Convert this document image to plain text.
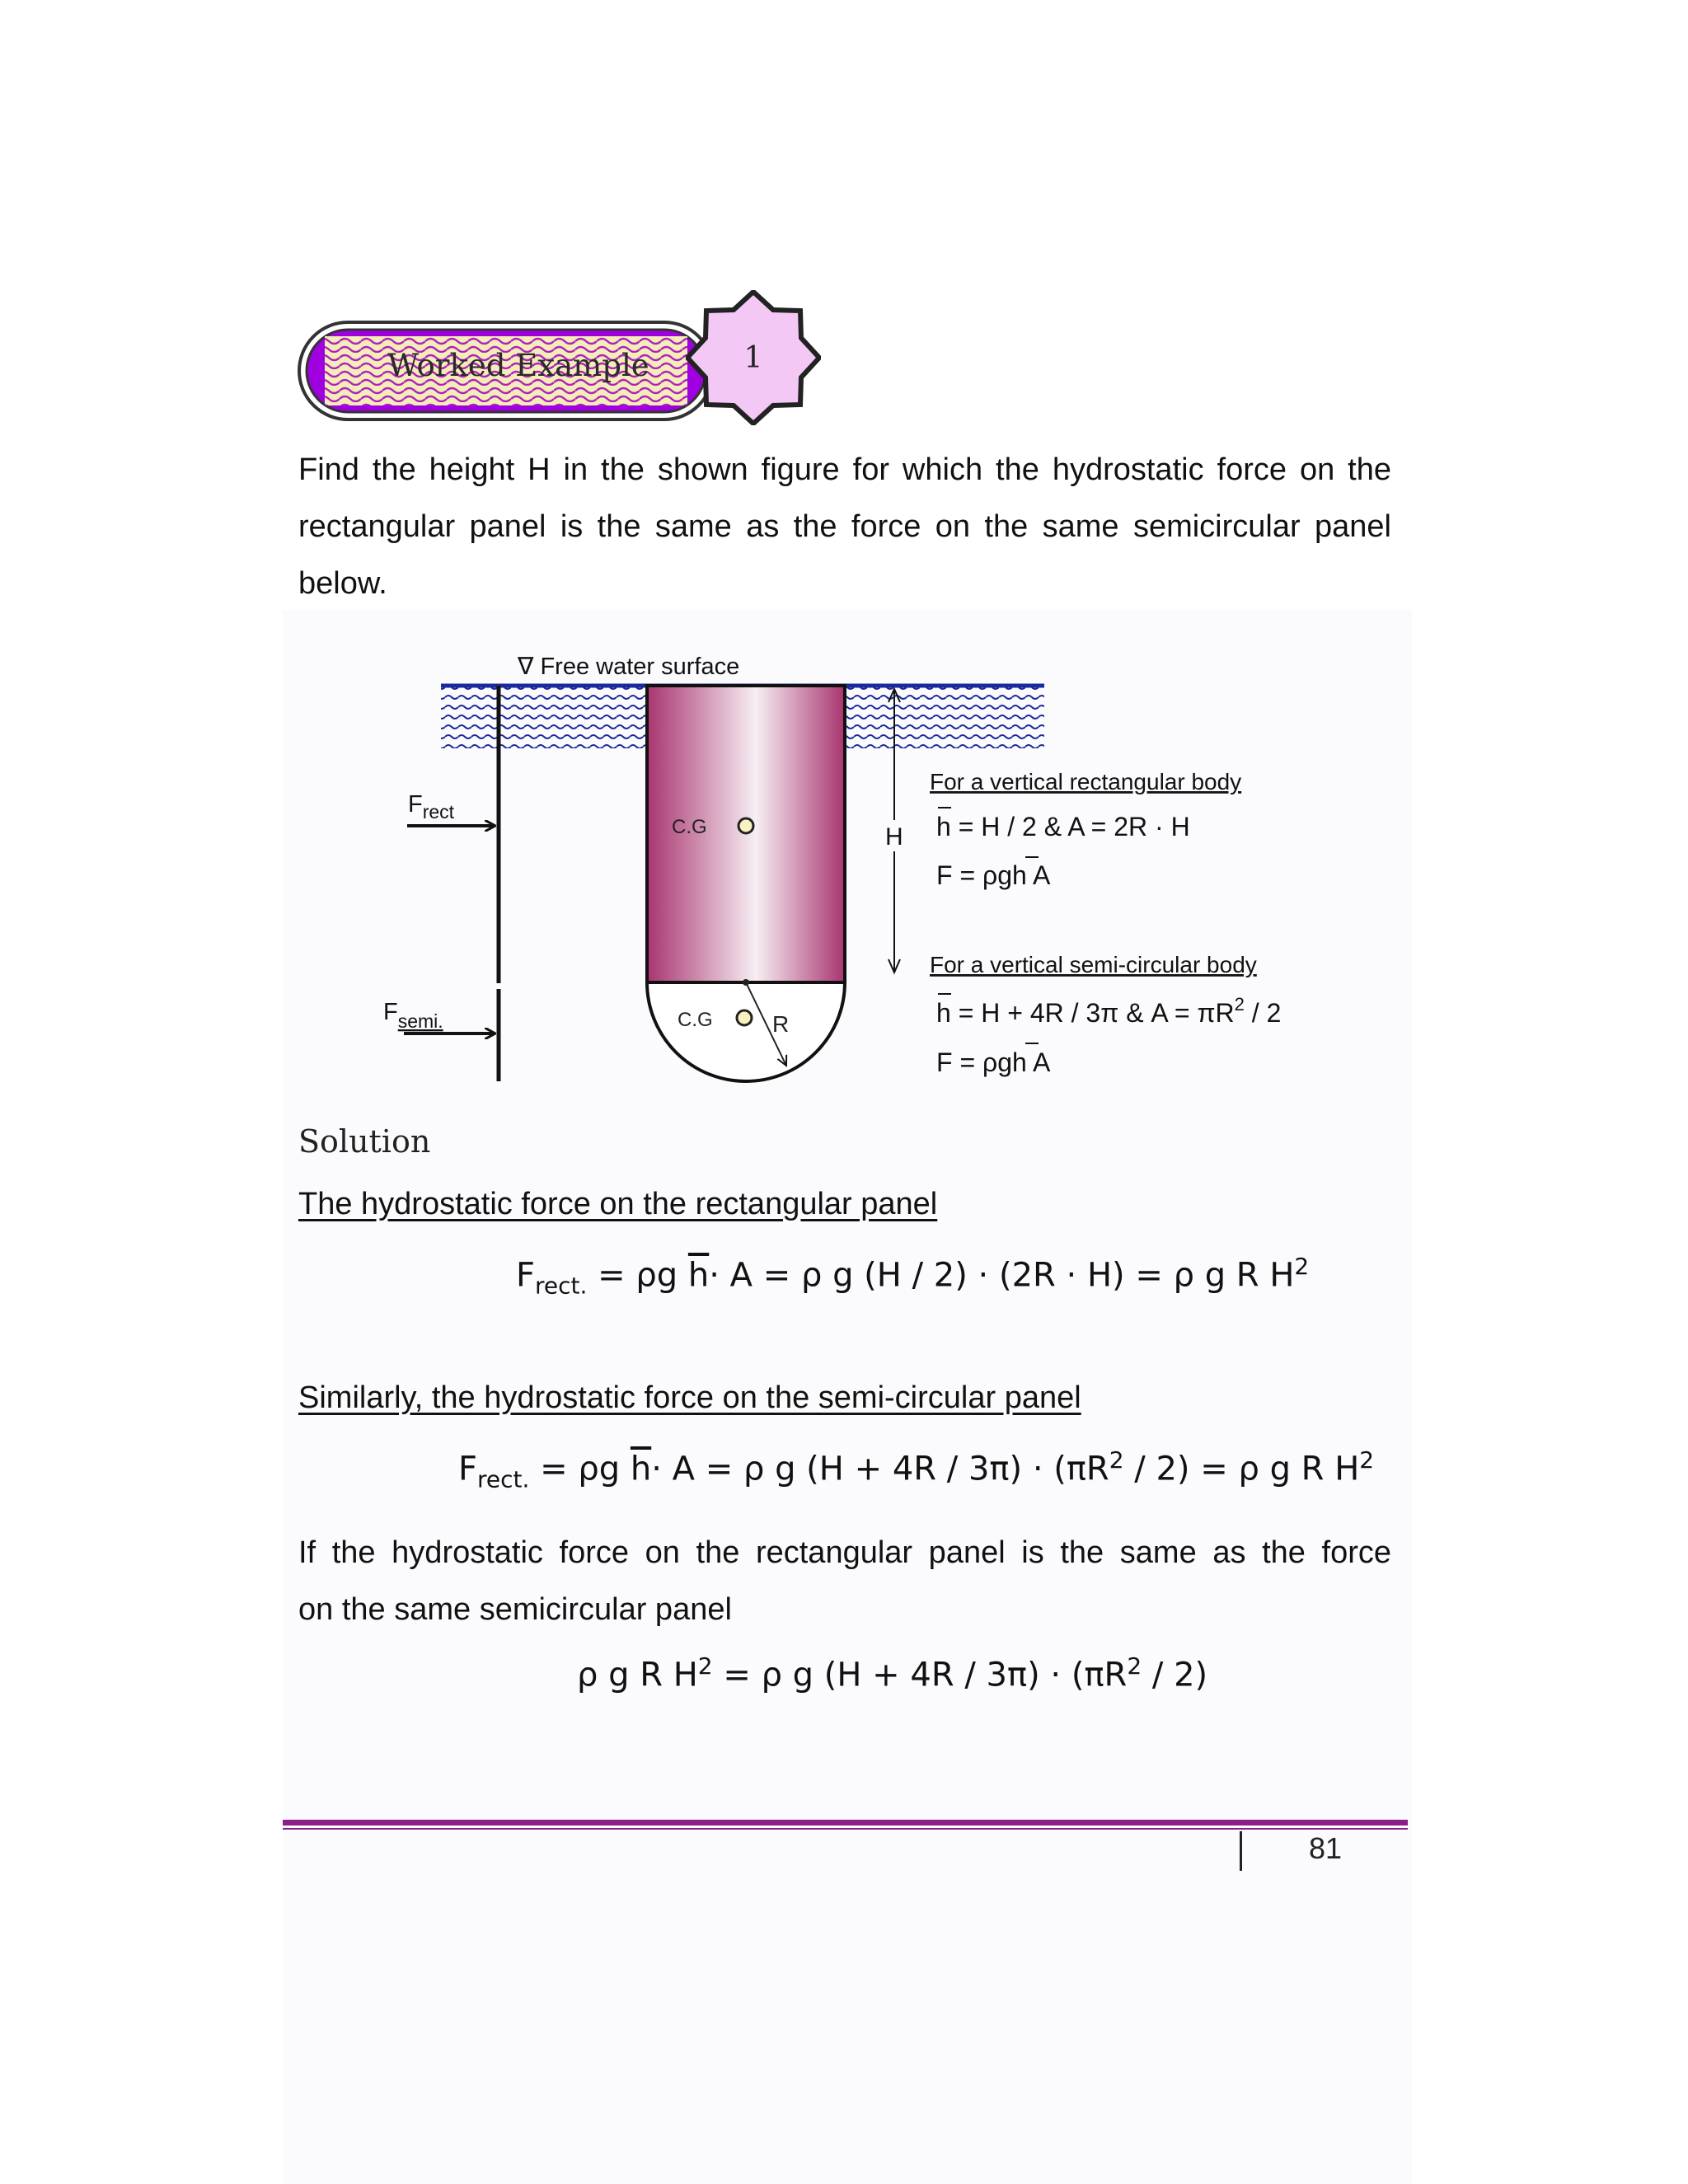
Worked Example	1
Find the height H in the shown figure for which the hydrostatic force on the
rectangular panel is the same as the force on the same semicircular panel
below.
∇ Free water surface
C.G
C.G	R
$F_{rect}$
$F_{semi.}$
H
For a vertical rectangular body
h = H / 2 & A = 2R · H
F = ρgh A
For a vertical semi-circular body
h = H + 4R / 3π & $A = \pi R^2 / 2$
F = ρgh A
Solution
The hydrostatic force on the rectangular panel
$F_{rect.} = \rho g$ $\overline{h}\cdot A = \rho$ g (H / 2) · (2R · H) = ρ g R $H^2$
Similarly, the hydrostatic force on the semi-circular panel
$F_{rect.} = \rho g$ $\overline{h}\cdot A = \rho$ g $(H + 4R / 3\pi) \cdot (\pi R^2 / 2) = \rho$ g R $H^2$
If the hydrostatic force on the rectangular panel is the same as the force
on the same semicircular panel
ρ g R $H^2 = \rho$ g $(H + 4R / 3\pi) \cdot (\pi R^2 / 2)$
81
